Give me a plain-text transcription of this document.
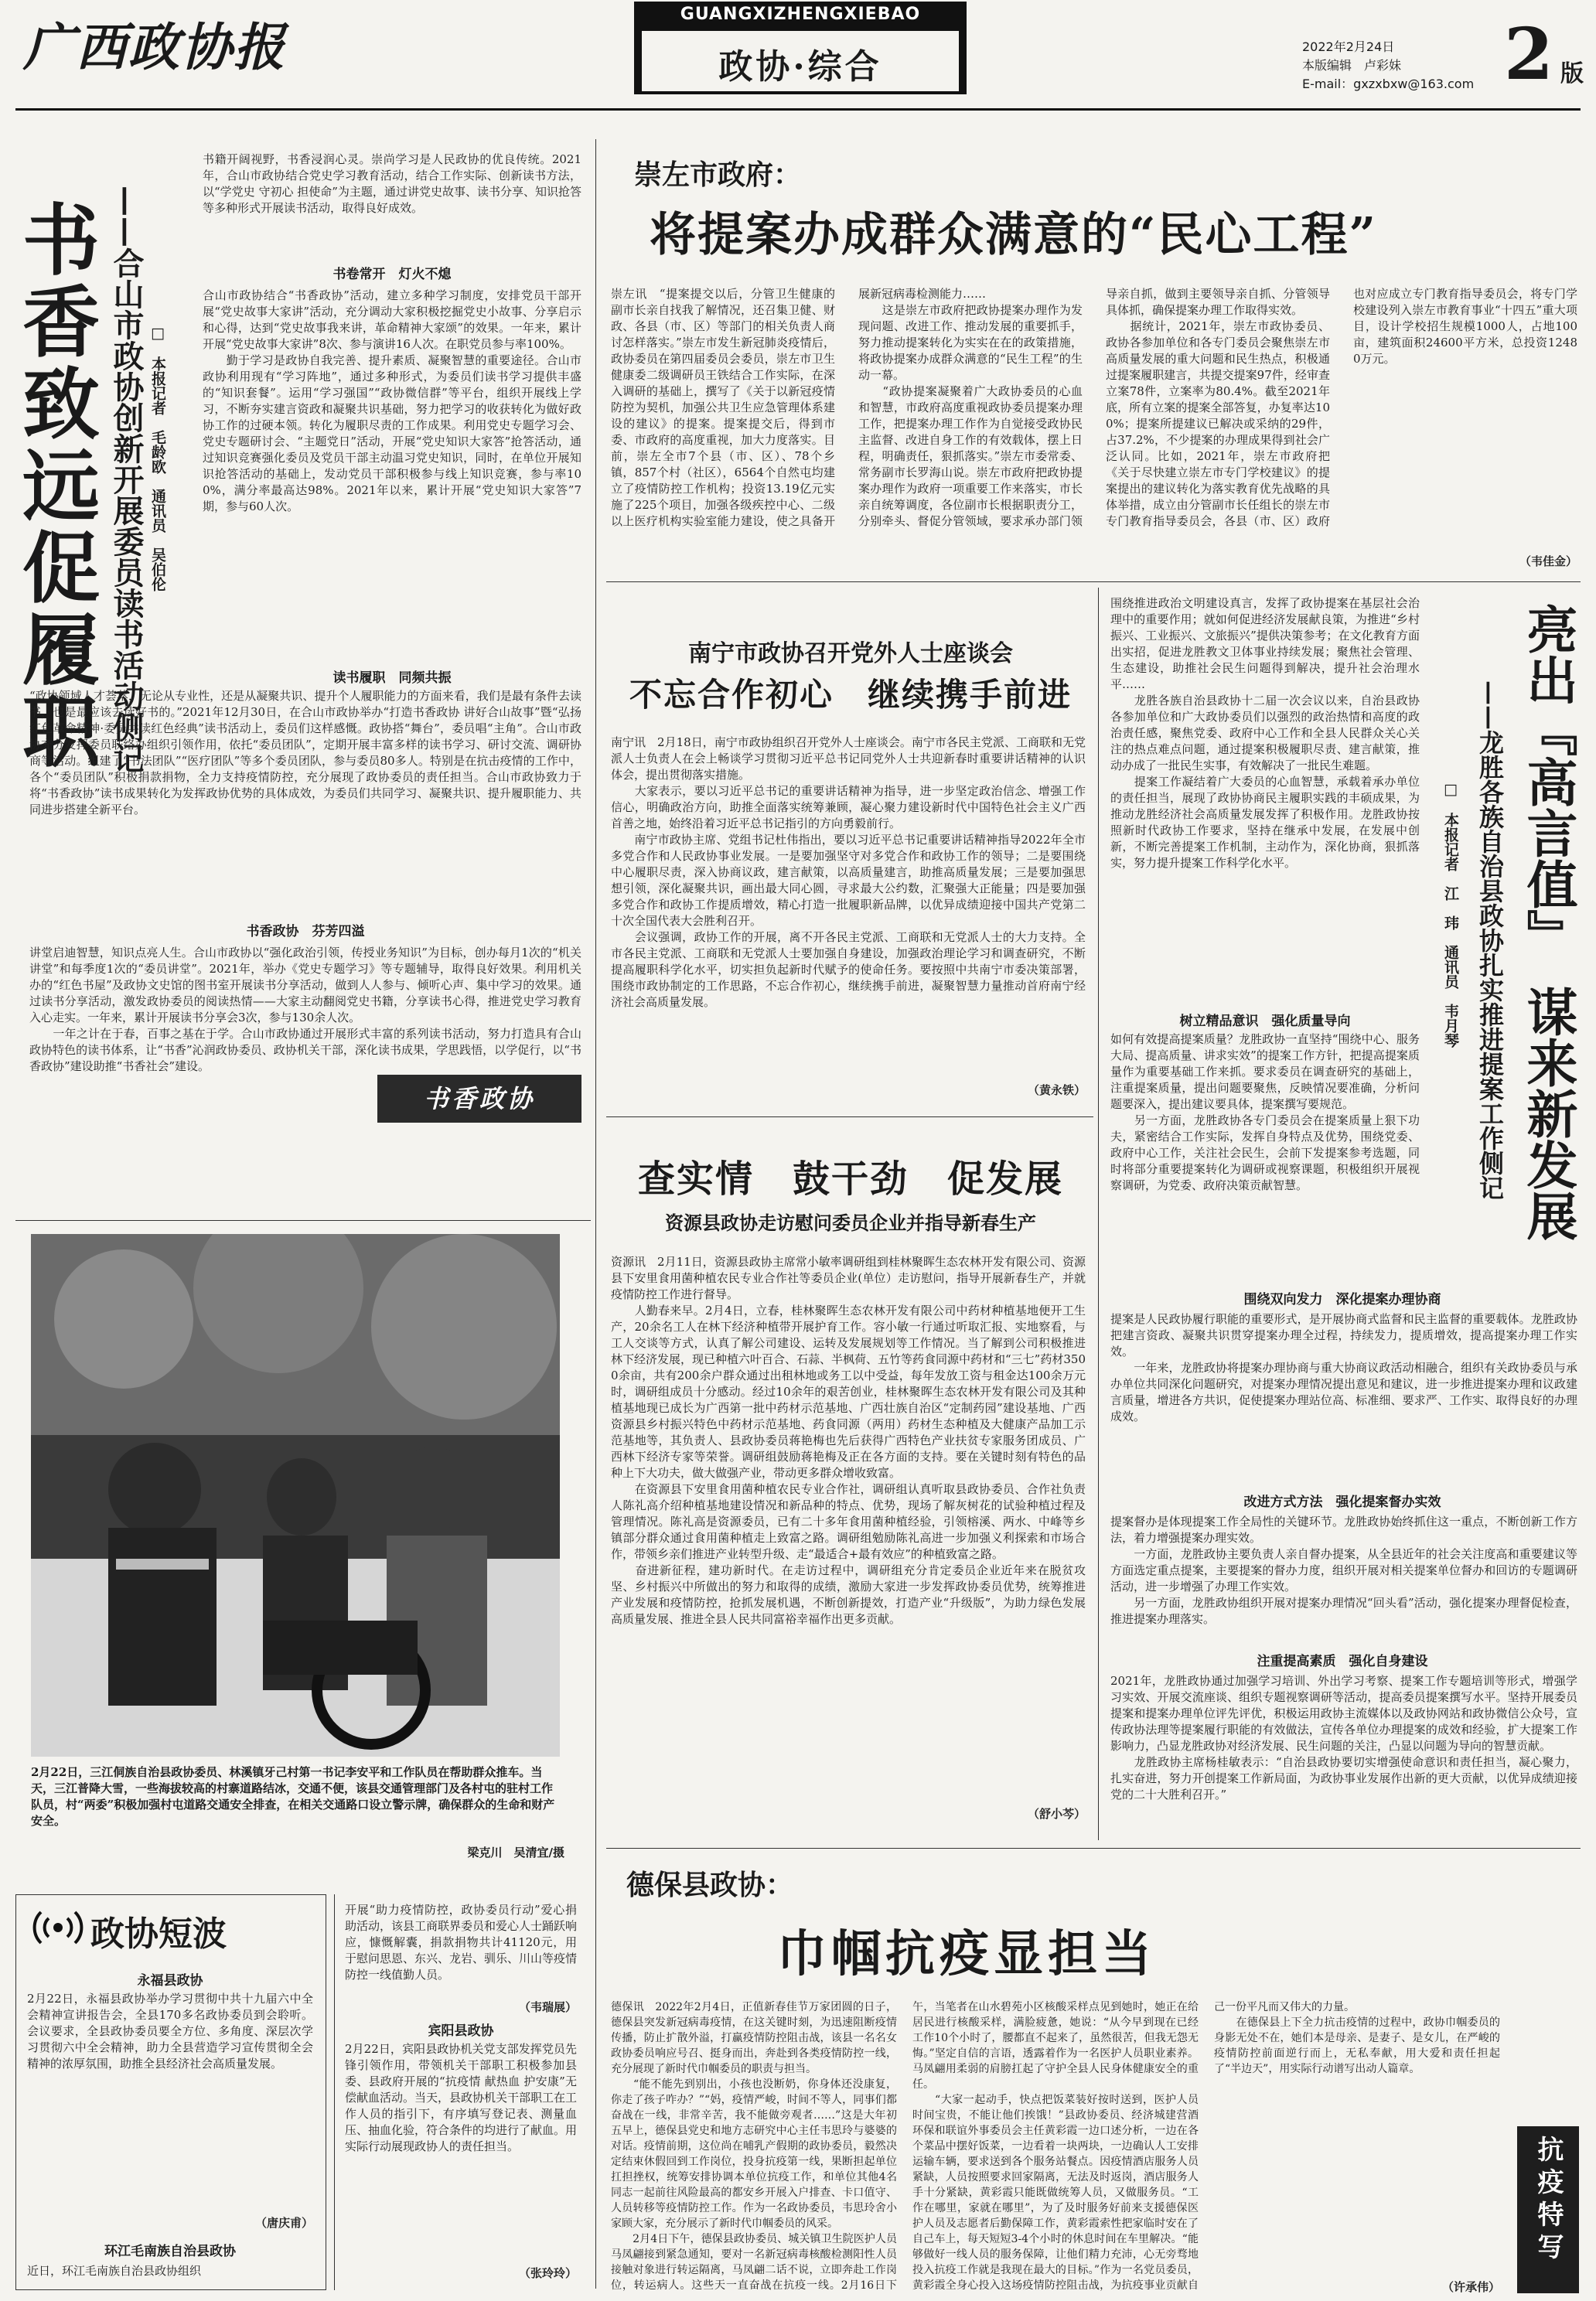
广西政协报
GUANGXIZHENGXIEBAO
政协·综合
2022年2月24日
本版编辑　卢彩妹
E-mail：gxzxbxw@163.com 2 版
书香致远促履职 ——合山市政协创新开展委员读书活动侧记 □　本报记者　毛龄欧　通讯员　吴伯伦
书籍开阔视野，书香浸润心灵。崇尚学习是人民政协的优良传统。2021年，合山市政协结合党史学习教育活动，结合工作实际、创新读书方法，以“学党史 守初心 担使命”为主题，通过讲党史故事、读书分享、知识抢答等多种形式开展读书活动，取得良好成效。
书卷常开　灯火不熄
合山市政协结合“书香政协”活动，建立多种学习制度，安排党员干部开展“党史故事大家讲”活动，充分调动大家积极挖掘党史小故事、分享启示和心得，达到“党史故事我来讲，革命精神大家颂”的效果。一年来，累计开展“党史故事大家讲”8次、参与演讲16人次。在职党员参与率100%。
　　勤于学习是政协自我完善、提升素质、凝聚智慧的重要途径。合山市政协利用现有“学习阵地”，通过多种形式，为委员们读书学习提供丰盛的“知识套餐”。运用“学习强国”“政协微信群”等平台，组织开展线上学习，不断夯实建言资政和凝聚共识基础，努力把学习的收获转化为做好政协工作的过硬本领。转化为履职尽责的工作成果。利用党史专题学习会、党史专题研讨会、“主题党日”活动，开展“党史知识大家答”抢答活动，通过知识竞赛强化委员及党员干部主动温习党史知识，同时，在单位开展知识抢答活动的基础上，发动党员干部积极参与线上知识竞赛，参与率100%，满分率最高达98%。2021年以来，累计开展“党史知识大家答”7期，参与60人次。
读书履职　同频共振
“政协领域人才荟萃，无论从专业性，还是从凝聚共识、提升个人履职能力的方面来看，我们是最有条件去读书，也是最应该去读好书的。”2021年12月30日，在合山市政协举办“打造书香政协 讲好合山故事”暨“弘扬红色革命精神·委员共读红色经典”读书活动上，委员们这样感慨。政协搭“舞台”，委员唱“主角”。合山市政协充分发挥委员联络办组织引领作用，依托“委员团队”，定期开展丰富多样的读书学习、研讨交流、调研协商等活动。组建了“书法团队”“医疗团队”等多个委员团队，参与委员80多人。特别是在抗击疫情的工作中，各个“委员团队”积极捐款捐物，全力支持疫情防控，充分展现了政协委员的责任担当。合山市政协致力于将“书香政协”读书成果转化为发挥政协优势的具体成效，为委员们共同学习、凝聚共识、提升履职能力、共同进步搭建全新平台。
书香政协　芬芳四溢
讲堂启迪智慧，知识点亮人生。合山市政协以“强化政治引领，传授业务知识”为目标，创办每月1次的“机关讲堂”和每季度1次的“委员讲堂”。2021年，举办《党史专题学习》等专题辅导，取得良好效果。利用机关办的“红色书屋”及政协文史馆的图书室开展读书分享活动，做到人人参与、倾听心声、集中学习的效果。通过读书分享活动，激发政协委员的阅读热情——大家主动翻阅党史书籍，分享读书心得，推进党史学习教育入心走实。一年来，累计开展读书分享会3次，参与130余人次。
　　一年之计在于春，百事之基在于学。合山市政协通过开展形式丰富的系列读书活动，努力打造具有合山政协特色的读书体系，让“书香”沁润政协委员、政协机关干部，深化读书成果，学思践悟，以学促行，以“书香政协”建设助推“书香社会”建设。
书香政协
2月22日，三江侗族自治县政协委员、林溪镇牙己村第一书记李安平和工作队员在帮助群众推车。当天，三江普降大雪，一些海拔较高的村寨道路结冰，交通不便，该县交通管理部门及各村屯的驻村工作队员，村“两委”积极加强村屯道路交通安全排查，在相关交通路口设立警示牌，确保群众的生命和财产安全。
梁克川　吴清宜/摄
政协短波
永福县政协
2月22日，永福县政协举办学习贯彻中共十九届六中全会精神宣讲报告会，全县170多名政协委员到会聆听。会议要求，全县政协委员要全方位、多角度、深层次学习贯彻六中全会精神，助力全县营造学习宣传贯彻全会精神的浓厚氛围，助推全县经济社会高质量发展。
（唐庆甫）
环江毛南族自治县政协
近日，环江毛南族自治县政协组织
开展“助力疫情防控，政协委员行动”爱心捐助活动，该县工商联界委员和爱心人士踊跃响应，慷慨解囊，捐款捐物共计41120元，用于慰问思恩、东兴、龙岩、驯乐、川山等疫情防控一线值勤人员。
（韦瑞展）
宾阳县政协
2月22日，宾阳县政协机关党支部发挥党员先锋引领作用，带领机关干部职工积极参加县委、县政府开展的“抗疫情 献热血 护安康”无偿献血活动。当天，县政协机关干部职工在工作人员的指引下，有序填写登记表、测量血压、抽血化验，符合条件的均进行了献血。用实际行动展现政协人的责任担当。
（张玲玲）
崇左市政府：
将提案办成群众满意的“民心工程”
崇左讯　“提案提交以后，分管卫生健康的副市长亲自找我了解情况，还召集卫健、财政、各县（市、区）等部门的相关负责人商讨怎样落实。”崇左市发生新冠肺炎疫情后，政协委员在第四届委员会委员，崇左市卫生健康委二级调研员王铁结合工作实际，在深入调研的基础上，撰写了《关于以新冠疫情防控为契机，加强公共卫生应急管理体系建设的建议》的提案。提案提交后，得到市委、市政府的高度重视，加大力度落实。目前，崇左全市7个县（市、区）、78个乡镇，857个村（社区），6564个自然屯均建立了疫情防控工作机构；投资13.19亿元实施了225个项目，加强各级疾控中心、二级以上医疗机构实验室能力建设，使之具备开展新冠病毒检测能力……
　　这是崇左市政府把政协提案办理作为发现问题、改进工作、推动发展的重要抓手，努力推动提案转化为实实在在的政策措施，将政协提案办成群众满意的“民生工程”的生动一幕。
　　“政协提案凝聚着广大政协委员的心血和智慧，市政府高度重视政协委员提案办理工作，把提案办理工作作为自觉接受政协民主监督、改进自身工作的有效载体，摆上日程，明确责任，狠抓落实。”崇左市委常委、常务副市长罗海山说。崇左市政府把政协提案办理作为政府一项重要工作来落实，市长亲自统筹调度，各位副市长根据职责分工，分别牵头、督促分管领域，要求承办部门领导亲自抓，做到主要领导亲自抓、分管领导具体抓，确保提案办理工作取得实效。
　　据统计，2021年，崇左市政协委员、政协各参加单位和各专门委员会聚焦崇左市高质量发展的重大问题和民生热点，积极通过提案履职建言，共提交提案97件，经审查立案78件，立案率为80.4%。截至2021年底，所有立案的提案全部答复，办复率达100%；提案所提建议已解决或采纳的29件，占37.2%，不少提案的办理成果得到社会广泛认同。比如，2021年，崇左市政府把《关于尽快建立崇左市专门学校建议》的提案提出的建议转化为落实教育优先战略的具体举措，成立由分管副市长任组长的崇左市专门教育指导委员会，各县（市、区）政府也对应成立专门教育指导委员会，将专门学校建设列入崇左市教育事业“十四五”重大项目，设计学校招生规模1000人，占地100亩，建筑面积24600平方米，总投资12480万元。
（韦佳金）
南宁市政协召开党外人士座谈会
不忘合作初心　继续携手前进
南宁讯　2月18日，南宁市政协组织召开党外人士座谈会。南宁市各民主党派、工商联和无党派人士负责人在会上畅谈学习贯彻习近平总书记同党外人士共迎新春时重要讲话精神的认识体会，提出贯彻落实措施。
　　大家表示，要以习近平总书记的重要讲话精神为指导，进一步坚定政治信念、增强工作信心，明确政治方向，助推全面落实统筹兼顾，凝心聚力建设新时代中国特色社会主义广西首善之地，始终沿着习近平总书记指引的方向勇毅前行。
　　南宁市政协主席、党组书记杜伟指出，要以习近平总书记重要讲话精神指导2022年全市多党合作和人民政协事业发展。一是要加强坚守对多党合作和政协工作的领导；二是要围绕中心履职尽责，深入协商议政，建言献策，以高质量建言，助推高质量发展；三是要加强思想引领，深化凝聚共识，画出最大同心圆，寻求最大公约数，汇聚强大正能量；四是要加强多党合作和政协工作提质增效，精心打造一批履职新品牌，以优异成绩迎接中国共产党第二十次全国代表大会胜利召开。
　　会议强调，政协工作的开展，离不开各民主党派、工商联和无党派人士的大力支持。全市各民主党派、工商联和无党派人士要加强自身建设，加强政治理论学习和调查研究，不断提高履职科学化水平，切实担负起新时代赋予的使命任务。要按照中共南宁市委决策部署，围绕市政协制定的工作思路，不忘合作初心，继续携手前进，凝聚智慧力量推动首府南宁经济社会高质量发展。
（黄永铁）
查实情　鼓干劲　促发展
资源县政协走访慰问委员企业并指导新春生产
资源讯　2月11日，资源县政协主席常小敏率调研组到桂林聚晖生态农林开发有限公司、资源县下安里食用菌种植农民专业合作社等委员企业(单位）走访慰问，指导开展新春生产，并就疫情防控工作进行督导。
　　人勤春来早。2月4日，立春，桂林聚晖生态农林开发有限公司中药材种植基地便开工生产，20余名工人在林下经济种植带开展护育工作。容小敏一行通过听取汇报、实地察看，与工人交谈等方式，认真了解公司建设、运转及发展规划等工作情况。当了解到公司积极推进林下经济发展，现已种植六叶百合、石蒜、半枫荷、五竹等药食同源中药材和“三七”药材3500余亩，共有200余户群众通过出租林地或务工以中受益，每年发放工资与租金达100余万元时，调研组成员十分感动。经过10余年的艰苦创业，桂林聚晖生态农林开发有限公司及其种植基地现已成长为广西第一批中药材示范基地、广西壮族自治区“定制药园”建设基地、广西资源县乡村振兴特色中药材示范基地、药食同源（两用）药材生态种植及大健康产品加工示范基地等，其负责人、县政协委员蒋艳梅也先后获得广西特色产业扶贫专家服务团成员、广西林下经济专家等荣誉。调研组鼓励蒋艳梅及正在各方面的支持。要在关键时刻有特色的品种上下大功夫，做大做强产业，带动更多群众增收致富。
　　在资源县下安里食用菌种植农民专业合作社，调研组认真听取县政协委员、合作社负责人陈礼高介绍种植基地建设情况和新品种的特点、优势，现场了解灰树花的试验种植过程及管理情况。陈礼高是资源委员，已有二十多年食用菌种植经验，引领榕溪、两水、中峰等乡镇部分群众通过食用菌种植走上致富之路。调研组勉励陈礼高进一步加强义利探索和市场合作，带领乡亲们推进产业转型升级、走“最适合+最有效应”的种植致富之路。
　　奋进新征程，建功新时代。在走访过程中，调研组充分肯定委员企业近年来在脱贫攻坚、乡村振兴中所做出的努力和取得的成绩，激励大家进一步发挥政协委员优势，统筹推进产业发展和疫情防控，抢抓发展机遇，不断创新提效，打造产业“升级版”，为助力绿色发展高质量发展、推进全县人民共同富裕幸福作出更多贡献。
（舒小芩）
围绕推进政治文明建设真言，发挥了政协提案在基层社会治理中的重要作用；就如何促进经济发展献良策，为推进“乡村振兴、工业振兴、文旅振兴”提供决策参考；在文化教育方面出实招，促进龙胜教文卫体事业持续发展；聚焦社会管理、生态建设，助推社会民生问题得到解决，提升社会治理水平……
　　龙胜各族自治县政协十二届一次会议以来，自治县政协各参加单位和广大政协委员们以强烈的政治热情和高度的政治责任感，聚焦党委、政府中心工作和全县人民群众关心关注的热点难点问题，通过提案积极履职尽责、建言献策，推动办成了一批民生实事，有效解决了一批民生难题。
　　提案工作凝结着广大委员的心血智慧，承载着承办单位的责任担当，展现了政协协商民主履职实践的丰硕成果，为推动龙胜经济社会高质量发展发挥了积极作用。龙胜政协按照新时代政协工作要求，坚持在继承中发展，在发展中创新，不断完善提案工作机制，主动作为，深化协商，狠抓落实，努力提升提案工作科学化水平。	亮出『高言值』　谋来新发展
——龙胜各族自治县政协扎实推进提案工作侧记
□　本报记者　江　玮　通讯员　韦月琴
树立精品意识　强化质量导向
如何有效提高提案质量？龙胜政协一直坚持“围绕中心、服务大局、提高质量、讲求实效”的提案工作方针，把提高提案质量作为重要基础工作来抓。要求委员在调查研究的基础上，注重提案质量，提出问题要聚焦，反映情况要准确，分析问题要深入，提出建议要具体，提案撰写要规范。
　　另一方面，龙胜政协各专门委员会在提案质量上狠下功夫，紧密结合工作实际，发挥自身特点及优势，围绕党委、政府中心工作，关注社会民生，会前下发提案参考选题，同时将部分重要提案转化为调研或视察课题，积极组织开展视察调研，为党委、政府决策贡献智慧。
围绕双向发力　深化提案办理协商
提案是人民政协履行职能的重要形式，是开展协商式监督和民主监督的重要载体。龙胜政协把建言资政、凝聚共识贯穿提案办理全过程，持续发力，提质增效，提高提案办理工作实效。
　　一年来，龙胜政协将提案办理协商与重大协商议政活动相融合，组织有关政协委员与承办单位共同深化问题研究，对提案办理情况提出意见和建议，进一步推进提案办理和议政建言质量，增进各方共识，促使提案办理站位高、标准细、要求严、工作实、取得良好的办理成效。
改进方式方法　强化提案督办实效
提案督办是体现提案工作全局性的关键环节。龙胜政协始终抓住这一重点，不断创新工作方法，着力增强提案办理实效。
　　一方面，龙胜政协主要负责人亲自督办提案，从全县近年的社会关注度高和重要建议等方面选定重点提案，主要提案的督办力度，组织开展对相关提案单位督办和回访的专题调研活动，进一步增强了办理工作实效。
　　另一方面，龙胜政协组织开展对提案办理情况“回头看”活动，强化提案办理督促检查，推进提案办理落实。
注重提高素质　强化自身建设
2021年，龙胜政协通过加强学习培训、外出学习考察、提案工作专题培训等形式，增强学习实效、开展交流座谈、组织专题视察调研等活动，提高委员提案撰写水平。坚持开展委员提案和提案办理单位评先评优，积极运用政协主流媒体以及政协网站和政协微信公众号，宣传政协法理等提案履行职能的有效做法，宣传各单位办理提案的成效和经验，扩大提案工作影响力，凸显龙胜政协对经济发展、民生问题的关注，凸显以问题为导向的智慧贡献。
　　龙胜政协主席杨桂敏表示：“自治县政协要切实增强使命意识和责任担当，凝心聚力，扎实奋进，努力开创提案工作新局面，为政协事业发展作出新的更大贡献，以优异成绩迎接党的二十大胜利召开。”
德保县政协：
巾帼抗疫显担当
德保讯　2022年2月4日，正值新春佳节万家团圆的日子，德保县突发新冠病毒疫情，在这关键时刻，为迅速阻断疫情传播，防止扩散外溢，打赢疫情防控阻击战，该县一名名女政协委员响应号召、挺身而出，奔赴到各类疫情防控一线，充分展现了新时代巾帼委员的职责与担当。
　　“能不能先到别出，小孩也没断奶，你身体还没康复，你走了孩子咋办？”“妈，疫情严峻，时间不等人，同事们都奋战在一线，非常辛苦，我不能做旁观者……”这是大年初五早上，德保县党史和地方志研究中心主任韦思玲与婆婆的对话。疫情前期，这位尚在哺乳产假期的政协委员，毅然决定结束休假回到工作岗位，投身抗疫第一线，果断担起单位扛担挫权，统筹安排协调本单位抗疫工作，和单位其他4名同志一起前往风险最高的都安乡开展入户排查、卡口值守、人员转移等疫情防控工作。作为一名政协委员，韦思玲舍小家顾大家，充分展示了新时代巾帼委员的风采。
　　2月4日下午，德保县政协委员、城关镇卫生院医护人员马凤翩接到紧急通知，要对一名新冠病毒核酸检测阳性人员接触对象进行转运隔离，马凤翩二话不说，立即奔赴工作岗位，转运病人。这些天一直奋战在抗疫一线。2月16日下午，当笔者在山水碧苑小区核酸采样点见到她时，她正在给居民进行核酸采样，满脸疲惫，她说：“从今早到现在已经工作10个小时了，腰都直不起来了，虽然很苦，但我无怨无悔。”坚定自信的言语，透露着作为一名医护人员职业素养。马凤翩用柔弱的肩膀扛起了守护全县人民身体健康安全的重任。
　　“大家一起动手，快点把饭菜装好按时送到，医护人员时间宝贵，不能让他们挨饿！”县政协委员、经济城建营酒环保和联谊外事委员会主任黄彩霞一边口述分析，一边在各个菜品中摆好饭菜，一边看着一块两块，一边确认人工安排运输车辆，要求送到各个服务站餐点。因疫情酒店服务人员紧缺，人员按照要求回家隔离，无法及时返岗，酒店服务人手十分紧缺，黄彩霞只能既做统筹人员，又做服务员。“工作在哪里，家就在哪里”，为了及时服务好前来支援德保医护人员及志愿者后勤保障工作，黄彩霞索性把家临时安在了自己车上，每天短短3-4个小时的休息时间在车里解决。“能够做好一线人员的服务保障，让他们精力充沛，心无旁骛地投入抗疫工作就是我现在最大的目标。”作为一名党员委员，黄彩霞全身心投入这场疫情防控阻击战，为抗疫事业贡献自己一份平凡而又伟大的力量。
　　在德保县上下全力抗击疫情的过程中，政协巾帼委员的身影无处不在，她们本是母亲、是妻子、是女儿，在严峻的疫情防控前面逆行而上，无私奉献，用大爱和责任担起了“半边天”，用实际行动谱写出动人篇章。
（许承伟）
抗疫特写
